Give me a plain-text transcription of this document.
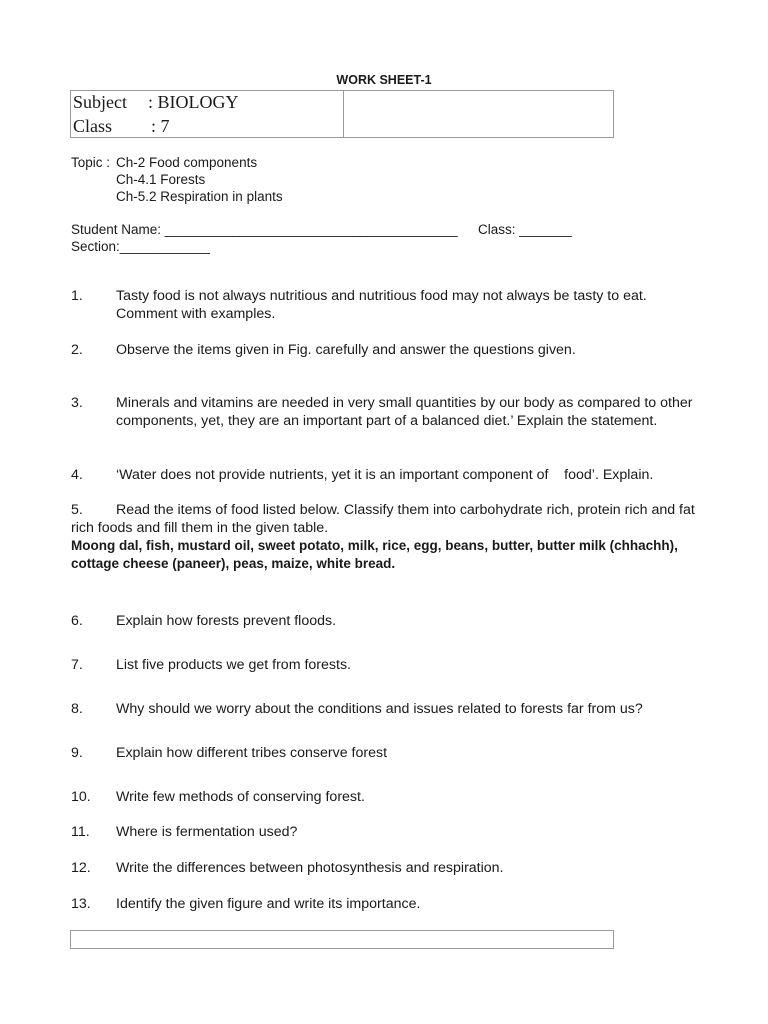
WORK SHEET-1
Subject : BIOLOGY
Class : 7
Topic : Ch-2 Food components
Ch-4.1 Forests
Ch-5.2 Respiration in plants
Student Name: _______________________________________ Class: _______
Section:____________
1. Tasty food is not always nutritious and nutritious food may not always be tasty to eat. Comment with examples.
2. Observe the items given in Fig. carefully and answer the questions given.
3. Minerals and vitamins are needed in very small quantities by our body as compared to other components, yet, they are an important part of a balanced diet.’ Explain the statement.
4. ‘Water does not provide nutrients, yet it is an important component of    food’. Explain.
5. Read the items of food listed below. Classify them into carbohydrate rich, protein rich and fat rich foods and fill them in the given table.
Moong dal, fish, mustard oil, sweet potato, milk, rice, egg, beans, butter, butter milk (chhachh), cottage cheese (paneer), peas, maize, white bread.
6. Explain how forests prevent floods.
7. List five products we get from forests.
8. Why should we worry about the conditions and issues related to forests far from us?
9. Explain how different tribes conserve forest
10. Write few methods of conserving forest.
11. Where is fermentation used?
12. Write the differences between photosynthesis and respiration.
13. Identify the given figure and write its importance.
